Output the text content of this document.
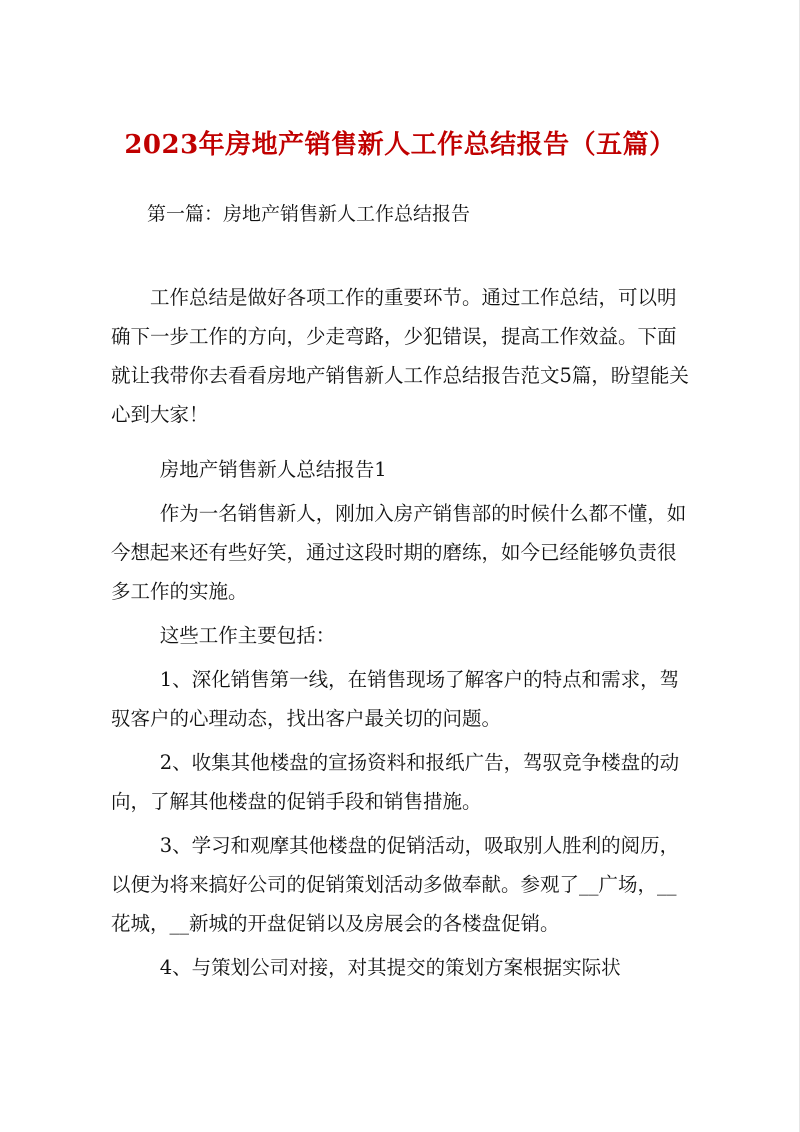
2023年房地产销售新人工作总结报告（五篇）

第一篇：房地产销售新人工作总结报告

工作总结是做好各项工作的重要环节。通过工作总结，可以明确下一步工作的方向，少走弯路，少犯错误，提高工作效益。下面就让我带你去看看房地产销售新人工作总结报告范文5篇，盼望能关心到大家！

房地产销售新人总结报告1

作为一名销售新人，刚加入房产销售部的时候什么都不懂，如今想起来还有些好笑，通过这段时期的磨练，如今已经能够负责很多工作的实施。

这些工作主要包括：

1、深化销售第一线，在销售现场了解客户的特点和需求，驾驭客户的心理动态，找出客户最关切的问题。

2、收集其他楼盘的宣扬资料和报纸广告，驾驭竞争楼盘的动向，了解其他楼盘的促销手段和销售措施。

3、学习和观摩其他楼盘的促销活动，吸取别人胜利的阅历，以便为将来搞好公司的促销策划活动多做奉献。参观了__广场，__花城，__新城的开盘促销以及房展会的各楼盘促销。

4、与策划公司对接，对其提交的策划方案根据实际状
